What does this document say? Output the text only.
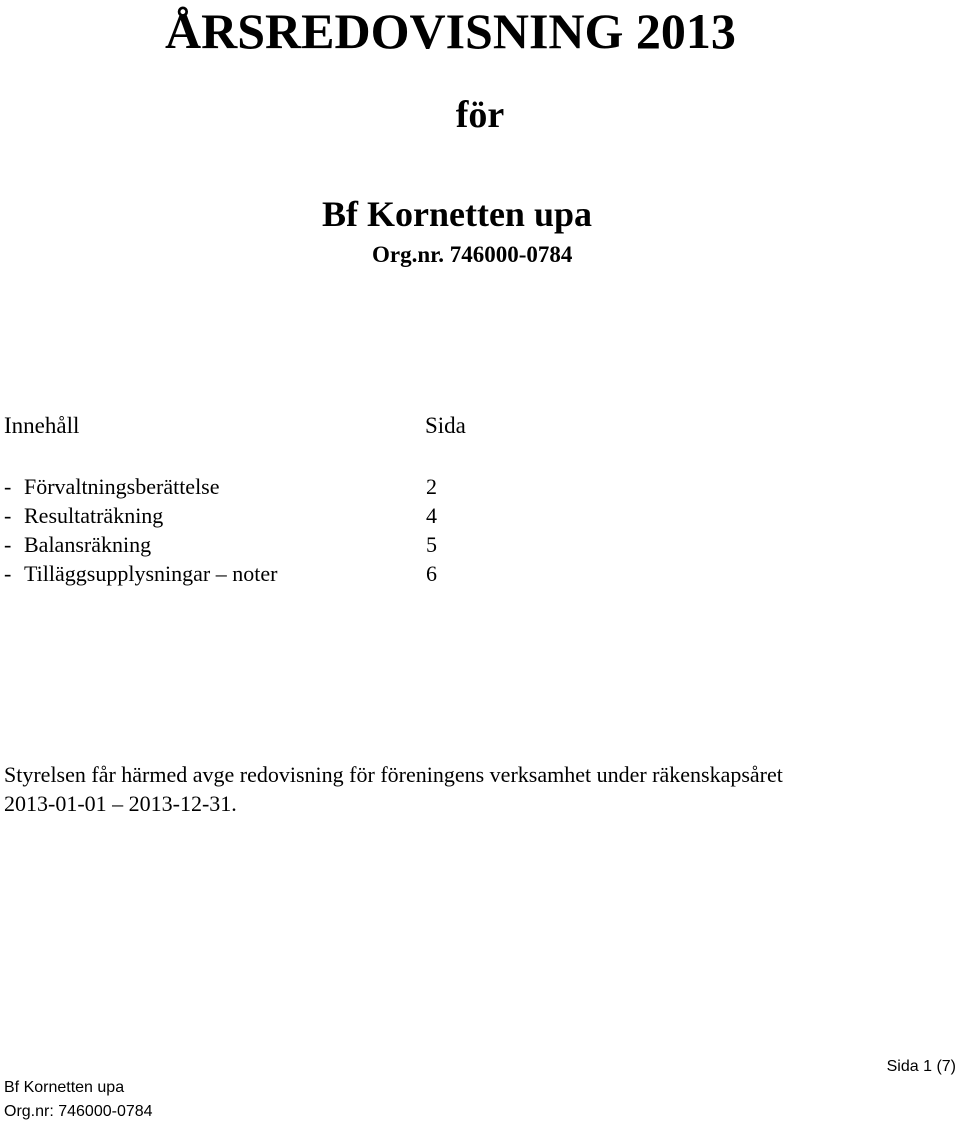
ÅRSREDOVISNING 2013
för
Bf Kornetten upa
Org.nr. 746000-0784
Innehåll	Sida
- Förvaltningsberättelse	2
- Resultaträkning	4
- Balansräkning	5
- Tilläggsupplysningar – noter	6
Styrelsen får härmed avge redovisning för föreningens verksamhet under räkenskapsåret
2013-01-01 – 2013-12-31.
Sida 1 (7)
Bf Kornetten upa
Org.nr: 746000-0784
